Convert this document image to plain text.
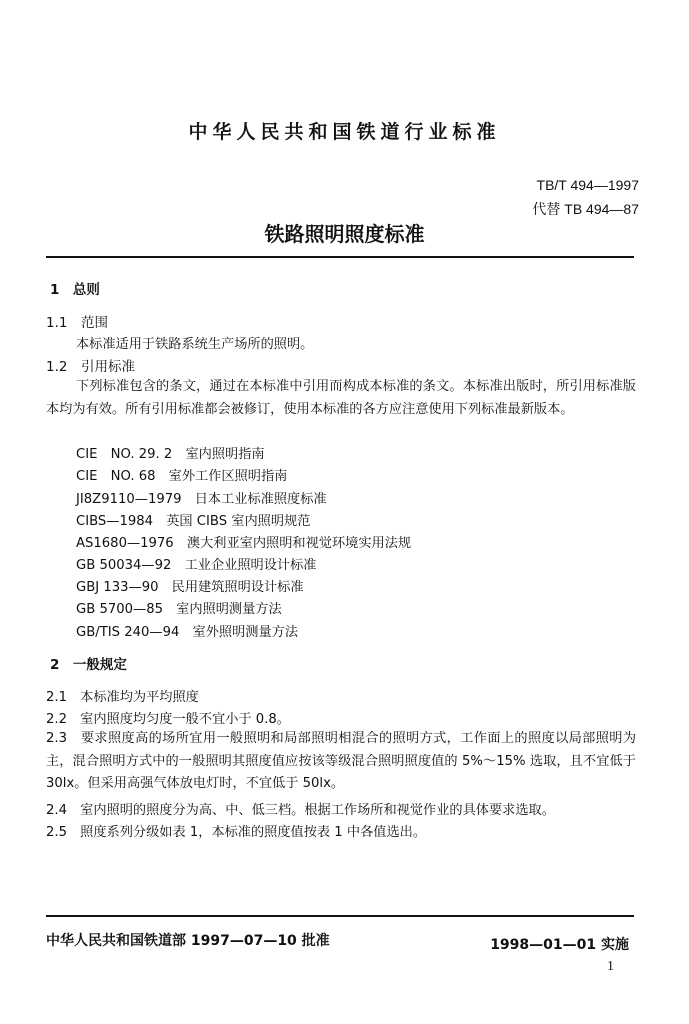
中华人民共和国铁道行业标准
TB/T 494—1997
代替 TB 494—87
铁路照明照度标准
1　总则
1.1　范围
本标准适用于铁路系统生产场所的照明。
1.2　引用标准
下列标准包含的条文，通过在本标准中引用而构成本标准的条文。本标准出版时，所引用标准版本均为有效。所有引用标准都会被修订，使用本标准的各方应注意使用下列标准最新版本。
CIE　NO. 29. 2　室内照明指南
CIE　NO. 68　室外工作区照明指南
JI8Z9110—1979　日本工业标准照度标准
CIBS—1984　英国 CIBS 室内照明规范
AS1680—1976　澳大利亚室内照明和视觉环境实用法规
GB 50034—92　工业企业照明设计标准
GBJ 133—90　民用建筑照明设计标准
GB 5700—85　室内照明测量方法
GB/TIS 240—94　室外照明测量方法
2　一般规定
2.1　本标准均为平均照度
2.2　室内照度均匀度一般不宜小于 0.8。
2.3　要求照度高的场所宜用一般照明和局部照明相混合的照明方式，工作面上的照度以局部照明为主，混合照明方式中的一般照明其照度值应按该等级混合照明照度值的 5%～15% 选取，且不宜低于 30lx。但采用高强气体放电灯时，不宜低于 50lx。
2.4　室内照明的照度分为高、中、低三档。根据工作场所和视觉作业的具体要求选取。
2.5　照度系列分级如表 1，本标准的照度值按表 1 中各值选出。
中华人民共和国铁道部 1997—07—10 批准	1998—01—01 实施
1
